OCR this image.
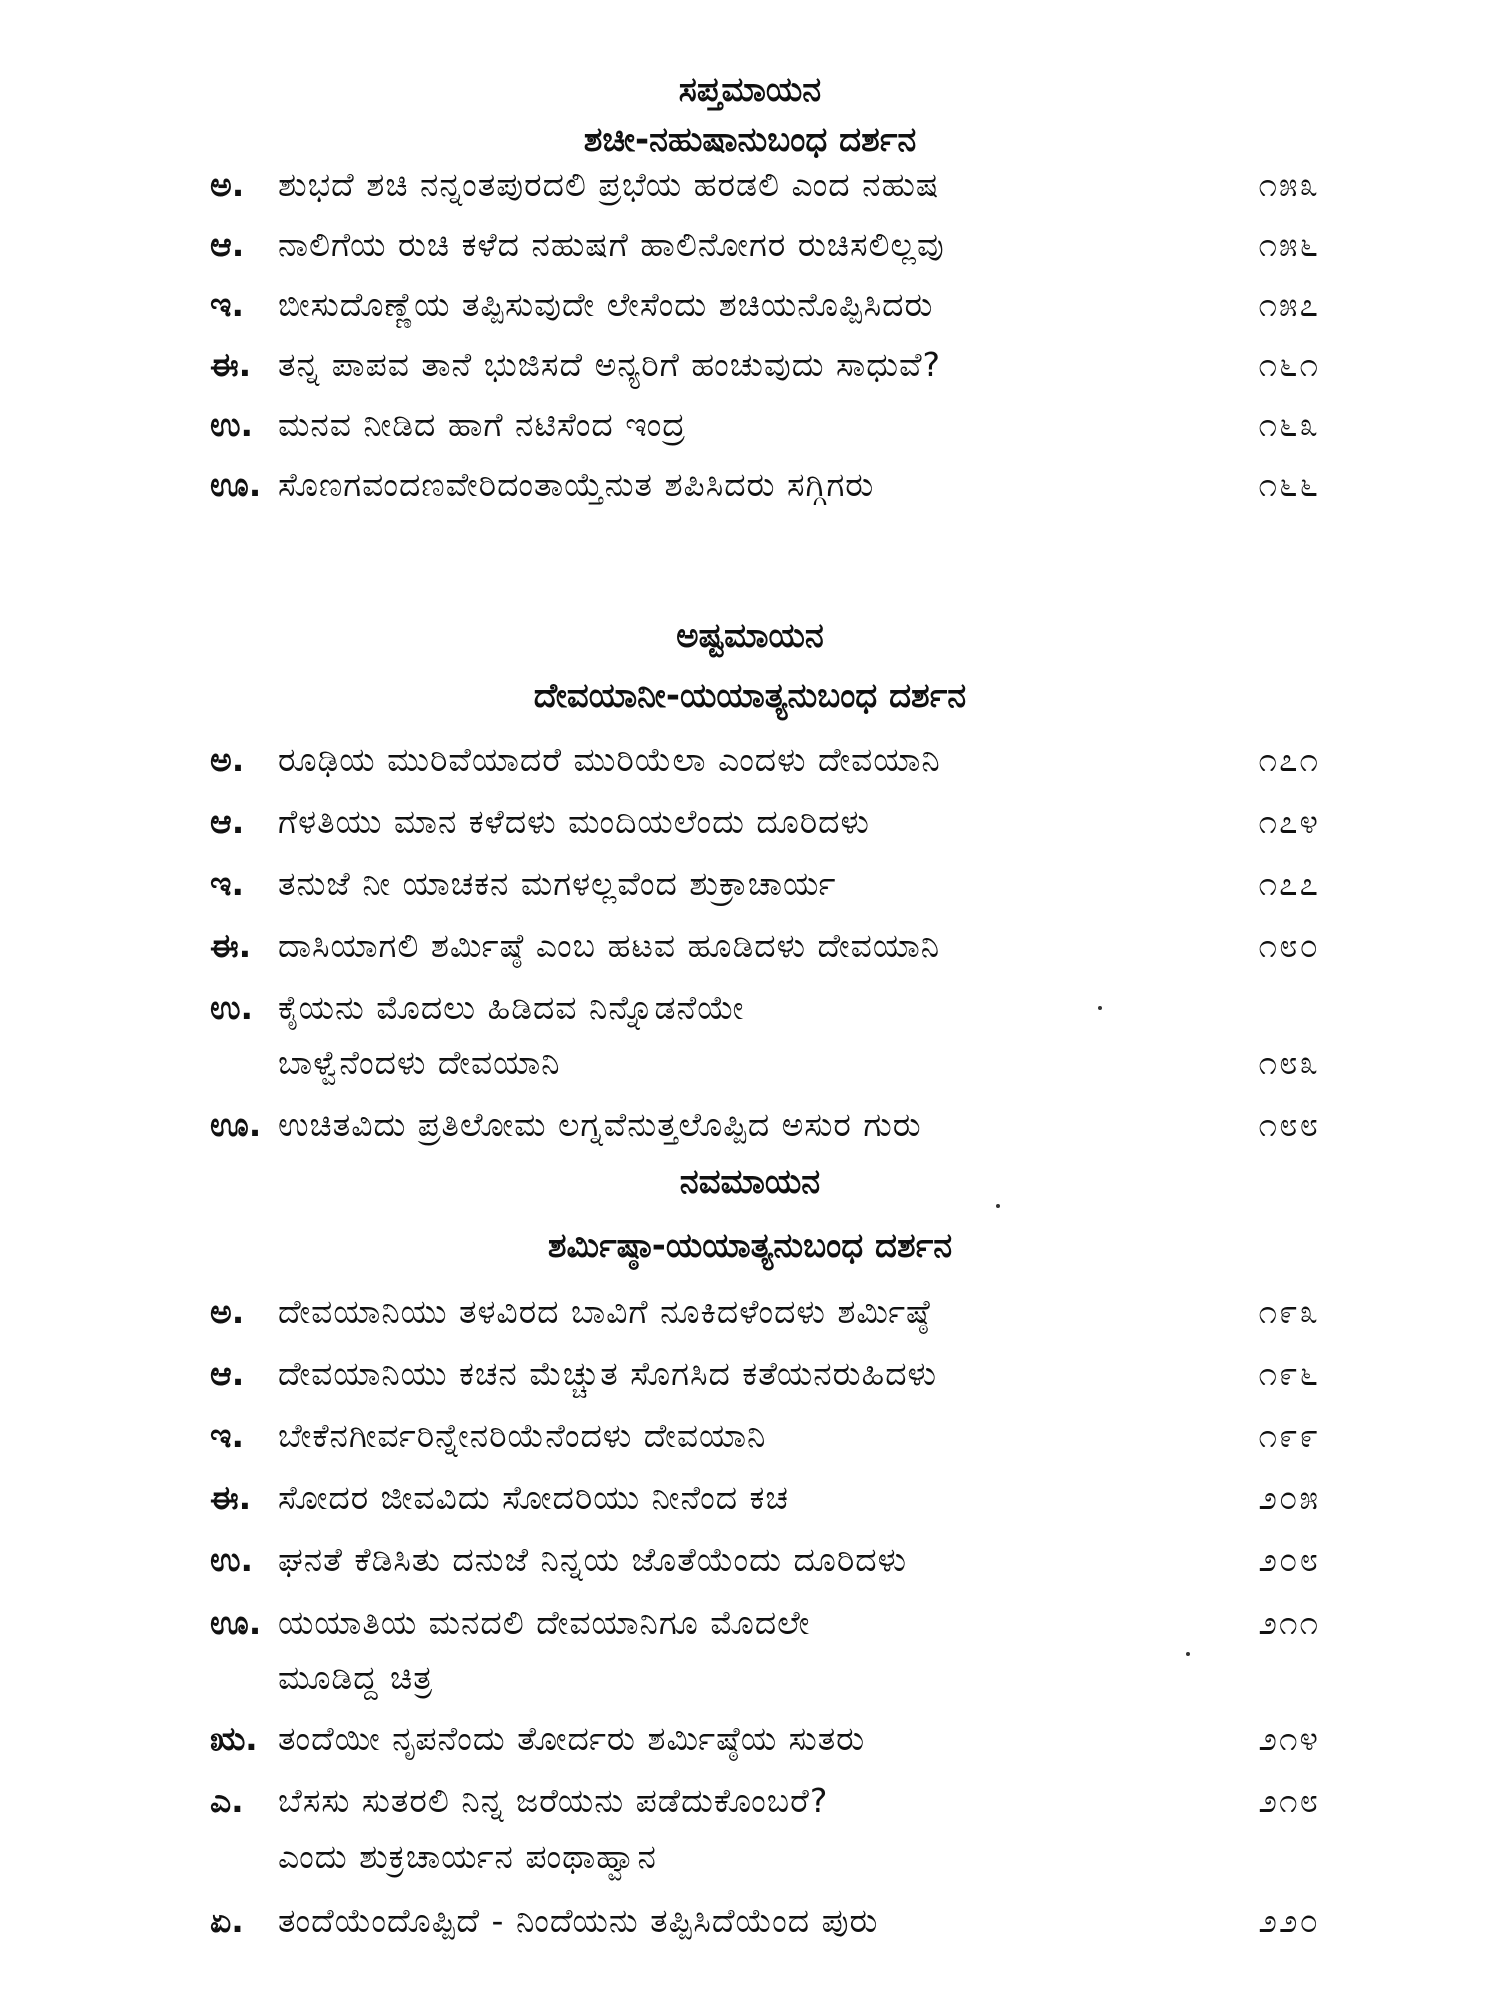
ಸಪ್ತಮಾಯನ
ಶಚೀ-ನಹುಷಾನುಬಂಧ ದರ್ಶನ
ಅ.	ಶುಭದೆ ಶಚಿ ನನ್ನಂತಪುರದಲಿ ಪ್ರಭೆಯ ಹರಡಲಿ ಎಂದ ನಹುಷ	೧೫೩
ಆ.	ನಾಲಿಗೆಯ ರುಚಿ ಕಳೆದ ನಹುಷಗೆ ಹಾಲಿನೋಗರ ರುಚಿಸಲಿಲ್ಲವು	೧೫೬
ಇ.	ಬೀಸುದೊಣ್ಣೆಯ ತಪ್ಪಿಸುವುದೇ ಲೇಸೆಂದು ಶಚಿಯನೊಪ್ಪಿಸಿದರು	೧೫೭
ಈ. ತನ್ನ ಪಾಪವ ತಾನೆ ಭುಜಿಸದೆ ಅನ್ಯರಿಗೆ ಹಂಚುವುದು ಸಾಧುವೆ?	೧೬೧
ಉ. ಮನವ ನೀಡಿದ ಹಾಗೆ ನಟಿಸೆಂದ ಇಂದ್ರ	೧೬೩
ಊ. ಸೊಣಗವಂದಣವೇರಿದಂತಾಯ್ತೆನುತ ಶಪಿಸಿದರು ಸಗ್ಗಿಗರು	೧೬೬
ಅಷ್ಟಮಾಯನ
ದೇವಯಾನೀ-ಯಯಾತ್ಯನುಬಂಧ ದರ್ಶನ
ಅ.	ರೂಢಿಯ ಮುರಿವೆಯಾದರೆ ಮುರಿಯೆಲಾ ಎಂದಳು ದೇವಯಾನಿ	೧೭೧
ಆ.	ಗೆಳತಿಯು ಮಾನ ಕಳೆದಳು ಮಂದಿಯಲೆಂದು ದೂರಿದಳು	೧೭೪
ಇ.	ತನುಜೆ ನೀ ಯಾಚಕನ ಮಗಳಲ್ಲವೆಂದ ಶುಕ್ರಾಚಾರ್ಯ	೧೭೭
ಈ. ದಾಸಿಯಾಗಲಿ ಶರ್ಮಿಷ್ಠೆ ಎಂಬ ಹಟವ ಹೂಡಿದಳು ದೇವಯಾನಿ	೧೮೦
ಉ. ಕೈಯನು ಮೊದಲು ಹಿಡಿದವ ನಿನ್ನೊಡನೆಯೇ
ಬಾಳ್ವೆನೆಂದಳು ದೇವಯಾನಿ	೧೮೩
ಊ. ಉಚಿತವಿದು ಪ್ರತಿಲೋಮ ಲಗ್ನವೆನುತ್ತಲೊಪ್ಪಿದ ಅಸುರ ಗುರು	೧೮೮
ನವಮಾಯನ
ಶರ್ಮಿಷ್ಠಾ-ಯಯಾತ್ಯನುಬಂಧ ದರ್ಶನ
ಅ.	ದೇವಯಾನಿಯು ತಳವಿರದ ಬಾವಿಗೆ ನೂಕಿದಳೆಂದಳು ಶರ್ಮಿಷ್ಠೆ	೧೯೩
ಆ.	ದೇವಯಾನಿಯು ಕಚನ ಮೆಚ್ಚುತ ಸೊಗಸಿದ ಕತೆಯನರುಹಿದಳು	೧೯೬
ಇ.	ಬೇಕೆನಗೀರ್ವರಿನ್ನೇನರಿಯೆನೆಂದಳು ದೇವಯಾನಿ	೧೯೯
ಈ. ಸೋದರ ಜೀವವಿದು ಸೋದರಿಯು ನೀನೆಂದ ಕಚ	೨೦೫
ಉ. ಘನತೆ ಕೆಡಿಸಿತು ದನುಜೆ ನಿನ್ನಯ ಜೊತೆಯೆಂದು ದೂರಿದಳು	೨೦೮
ಊ. ಯಯಾತಿಯ ಮನದಲಿ ದೇವಯಾನಿಗೂ ಮೊದಲೇ	೨೧೧
ಮೂಡಿದ್ದ ಚಿತ್ರ
ಋ. ತಂದೆಯೀ ನೃಪನೆಂದು ತೋರ್ದರು ಶರ್ಮಿಷ್ಠೆಯ ಸುತರು	೨೧೪
ಎ.	ಬೆಸಸು ಸುತರಲಿ ನಿನ್ನ ಜರೆಯನು ಪಡೆದುಕೊಂಬರೆ?	೨೧೮
ಎಂದು ಶುಕ್ರಚಾರ್ಯನ ಪಂಥಾಹ್ವಾನ
ಏ.	ತಂದೆಯೆಂದೊಪ್ಪಿದೆ - ನಿಂದೆಯನು ತಪ್ಪಿಸಿದೆಯೆಂದ ಪುರು	೨೨೦
